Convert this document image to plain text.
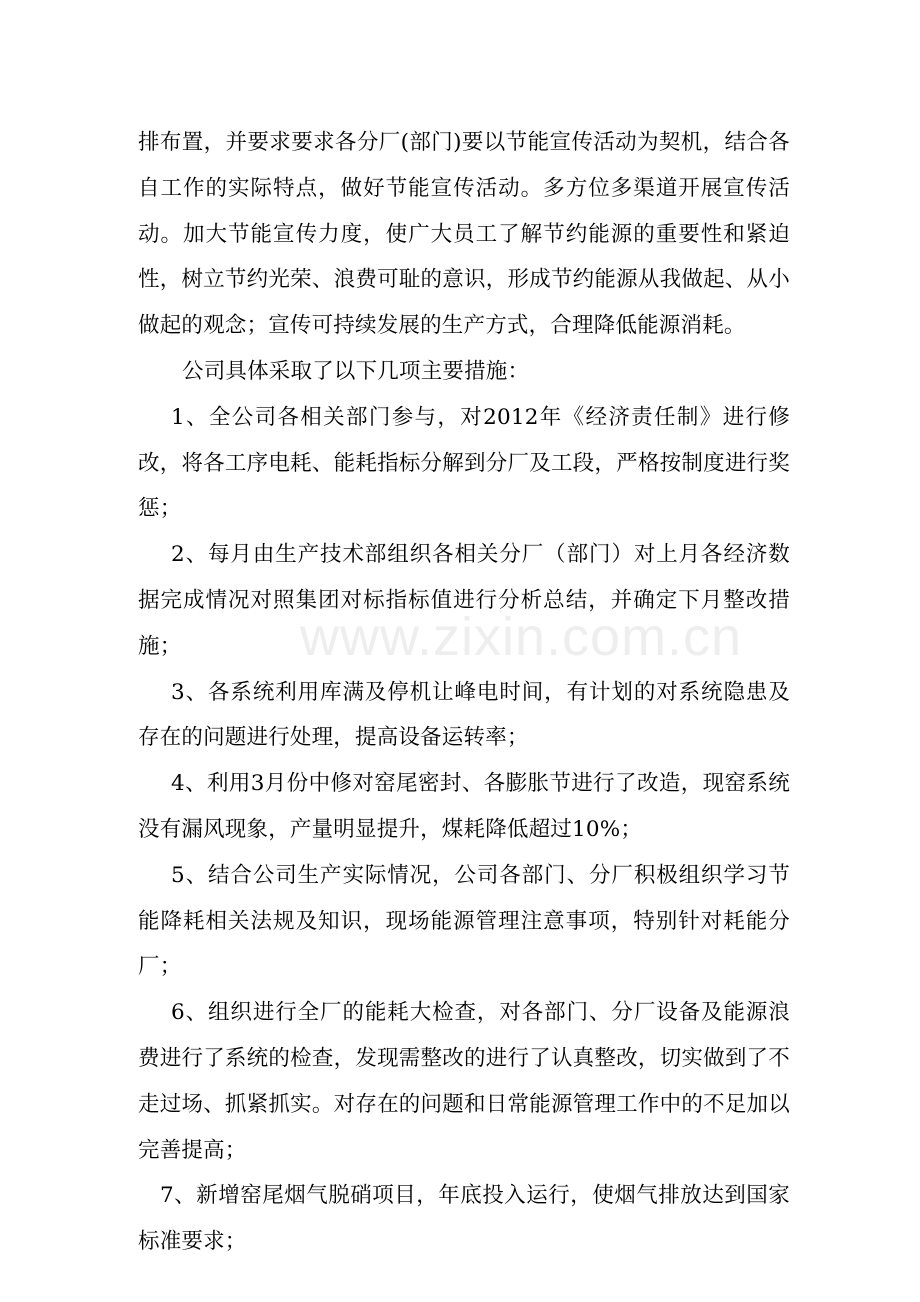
排布置，并要求要求各分厂(部门)要以节能宣传活动为契机，结合各自工作的实际特点，做好节能宣传活动。多方位多渠道开展宣传活动。加大节能宣传力度，使广大员工了解节约能源的重要性和紧迫性，树立节约光荣、浪费可耻的意识，形成节约能源从我做起、从小做起的观念；宣传可持续发展的生产方式，合理降低能源消耗。

公司具体采取了以下几项主要措施：

1、全公司各相关部门参与，对2012年《经济责任制》进行修改，将各工序电耗、能耗指标分解到分厂及工段，严格按制度进行奖惩；

2、每月由生产技术部组织各相关分厂（部门）对上月各经济数据完成情况对照集团对标指标值进行分析总结，并确定下月整改措施；

3、各系统利用库满及停机让峰电时间，有计划的对系统隐患及存在的问题进行处理，提高设备运转率；

4、利用3月份中修对窑尾密封、各膨胀节进行了改造，现窑系统没有漏风现象，产量明显提升，煤耗降低超过10%；

5、结合公司生产实际情况，公司各部门、分厂积极组织学习节能降耗相关法规及知识，现场能源管理注意事项，特别针对耗能分厂；

6、组织进行全厂的能耗大检查，对各部门、分厂设备及能源浪费进行了系统的检查，发现需整改的进行了认真整改，切实做到了不走过场、抓紧抓实。对存在的问题和日常能源管理工作中的不足加以完善提高；

7、新增窑尾烟气脱硝项目，年底投入运行，使烟气排放达到国家标准要求；

www.zixin.com.cn
